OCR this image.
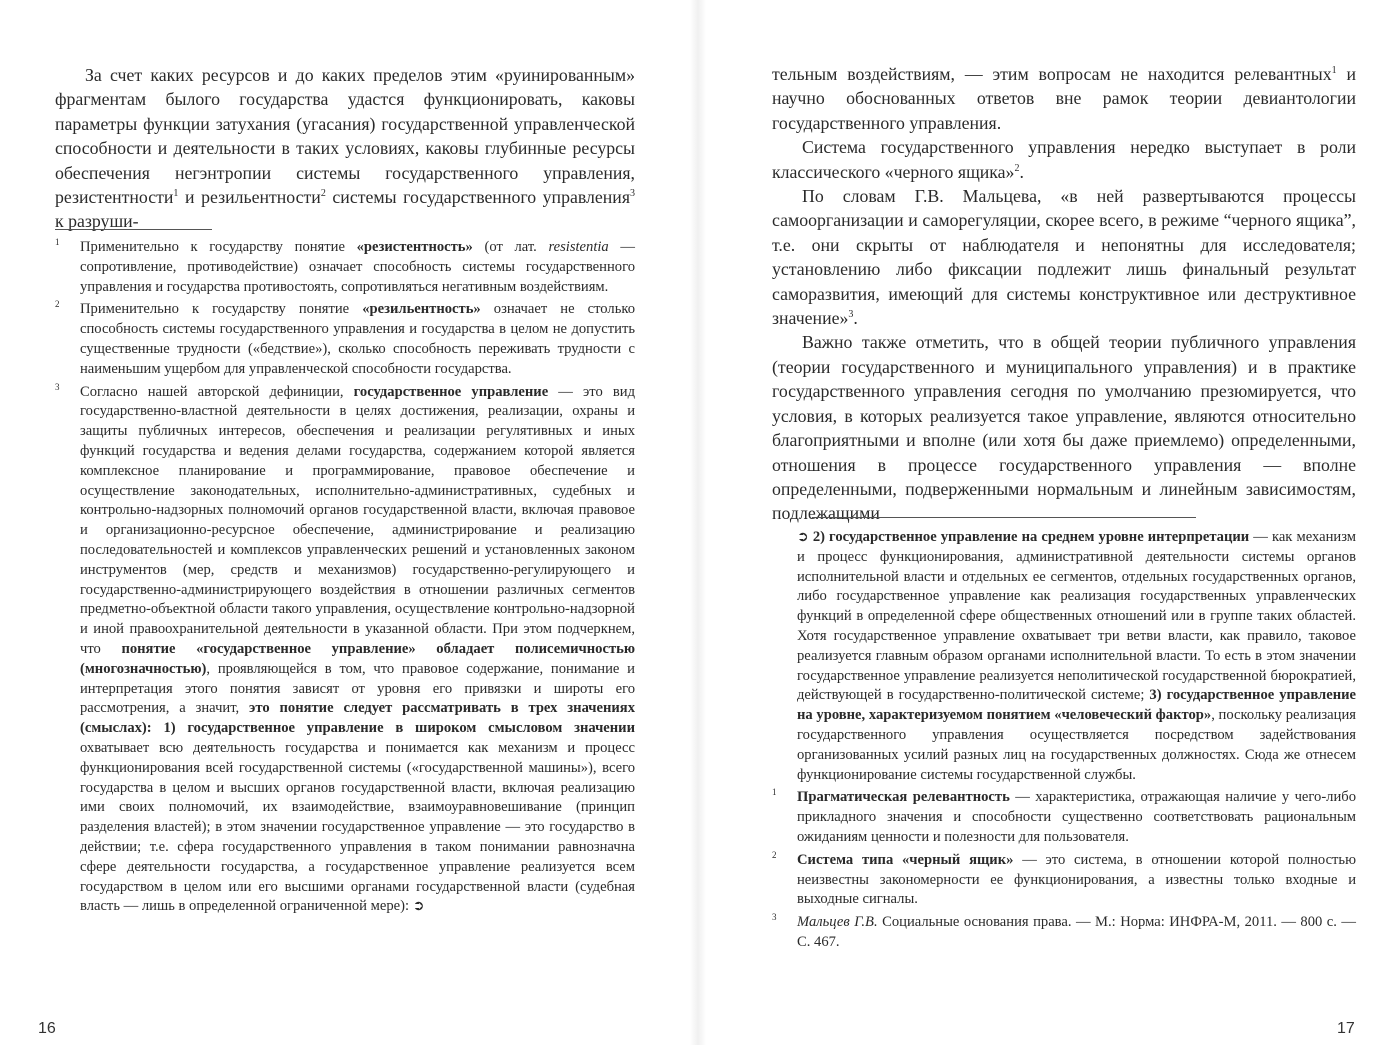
За счет каких ресурсов и до каких пределов этим «руинированным» фрагментам былого государства удастся функционировать, каковы параметры функции затухания (угасания) государственной управленческой способности и деятельности в таких условиях, каковы глубинные ресурсы обеспечения негэнтропии системы государственного управления, резистентности$^1$ и резильентности$^2$ системы государственного управления$^3$ к разруши-

1 Применительно к государству понятие «резистентность» (от лат. resistentia — сопротивление, противодействие) означает способность системы государственного управления и государства противостоять, сопротивляться негативным воздействиям.
2 Применительно к государству понятие «резильентность» означает не столько способность системы государственного управления и государства в целом не допустить существенные трудности («бедствие»), сколько способность переживать трудности с наименьшим ущербом для управленческой способности государства.
3 Согласно нашей авторской дефиниции, государственное управление — это вид государственно-властной деятельности в целях достижения, реализации, охраны и защиты публичных интересов, обеспечения и реализации регулятивных и иных функций государства и ведения делами государства, содержанием которой является комплексное планирование и программирование, правовое обеспечение и осуществление законодательных, исполнительно-административных, судебных и контрольно-надзорных полномочий органов государственной власти, включая правовое и организационно-ресурсное обеспечение, администрирование и реализацию последовательностей и комплексов управленческих решений и установленных законом инструментов (мер, средств и механизмов) государственно-регулирующего и государственно-администрирующего воздействия в отношении различных сегментов предметно-объектной области такого управления, осуществление контрольно-надзорной и иной правоохранительной деятельности в указанной области. При этом подчеркнем, что понятие «государственное управление» обладает полисемичностью (многозначностью), проявляющейся в том, что правовое содержание, понимание и интерпретация этого понятия зависят от уровня его привязки и широты его рассмотрения, а значит, это понятие следует рассматривать в трех значениях (смыслах): 1) государственное управление в широком смысловом значении охватывает всю деятельность государства и понимается как механизм и процесс функционирования всей государственной системы («государственной машины»), всего государства в целом и высших органов государственной власти, включая реализацию ими своих полномочий, их взаимодействие, взаимоуравновешивание (принцип разделения властей); в этом значении государственное управление — это государство в действии; т.е. сфера государственного управления в таком понимании равнозначна сфере деятельности государства, а государственное управление реализуется всем государством в целом или его высшими органами государственной власти (судебная власть — лишь в определенной ограниченной мере): ➲
16

тельным воздействиям, — этим вопросам не находится релевантных$^1$ и научно обоснованных ответов вне рамок теории девиантологии государственного управления.

Система государственного управления нередко выступает в роли классического «черного ящика»$^2$.

По словам Г.В. Мальцева, «в ней развертываются процессы самоорганизации и саморегуляции, скорее всего, в режиме “черного ящика”, т.е. они скрыты от наблюдателя и непонятны для исследователя; установлению либо фиксации подлежит лишь финальный результат саморазвития, имеющий для системы конструктивное или деструктивное значение»$^3$.

Важно также отметить, что в общей теории публичного управления (теории государственного и муниципального управления) и в практике государственного управления сегодня по умолчанию презюмируется, что условия, в которых реализуется такое управление, являются относительно благоприятными и вполне (или хотя бы даже приемлемо) определенными, отношения в процессе государственного управления — вполне определенными, подверженными нормальным и линейным зависимостям, подлежащими

➲ 2) государственное управление на среднем уровне интерпретации — как механизм и процесс функционирования, административной деятельности системы органов исполнительной власти и отдельных ее сегментов, отдельных государственных органов, либо государственное управление как реализация государственных управленческих функций в определенной сфере общественных отношений или в группе таких областей. Хотя государственное управление охватывает три ветви власти, как правило, таковое реализуется главным образом органами исполнительной власти. То есть в этом значении государственное управление реализуется неполитической государственной бюрократией, действующей в государственно-политической системе; 3) государственное управление на уровне, характеризуемом понятием «человеческий фактор», поскольку реализация государственного управления осуществляется посредством задействования организованных усилий разных лиц на государственных должностях. Сюда же отнесем функционирование системы государственной службы.
1 Прагматическая релевантность — характеристика, отражающая наличие у чего-либо прикладного значения и способности существенно соответствовать рациональным ожиданиям ценности и полезности для пользователя.
2 Система типа «черный ящик» — это система, в отношении которой полностью неизвестны закономерности ее функционирования, а известны только входные и выходные сигналы.
3 Мальцев Г.В. Социальные основания права. — М.: Норма: ИНФРА-М, 2011. — 800 с. — С. 467.
17
